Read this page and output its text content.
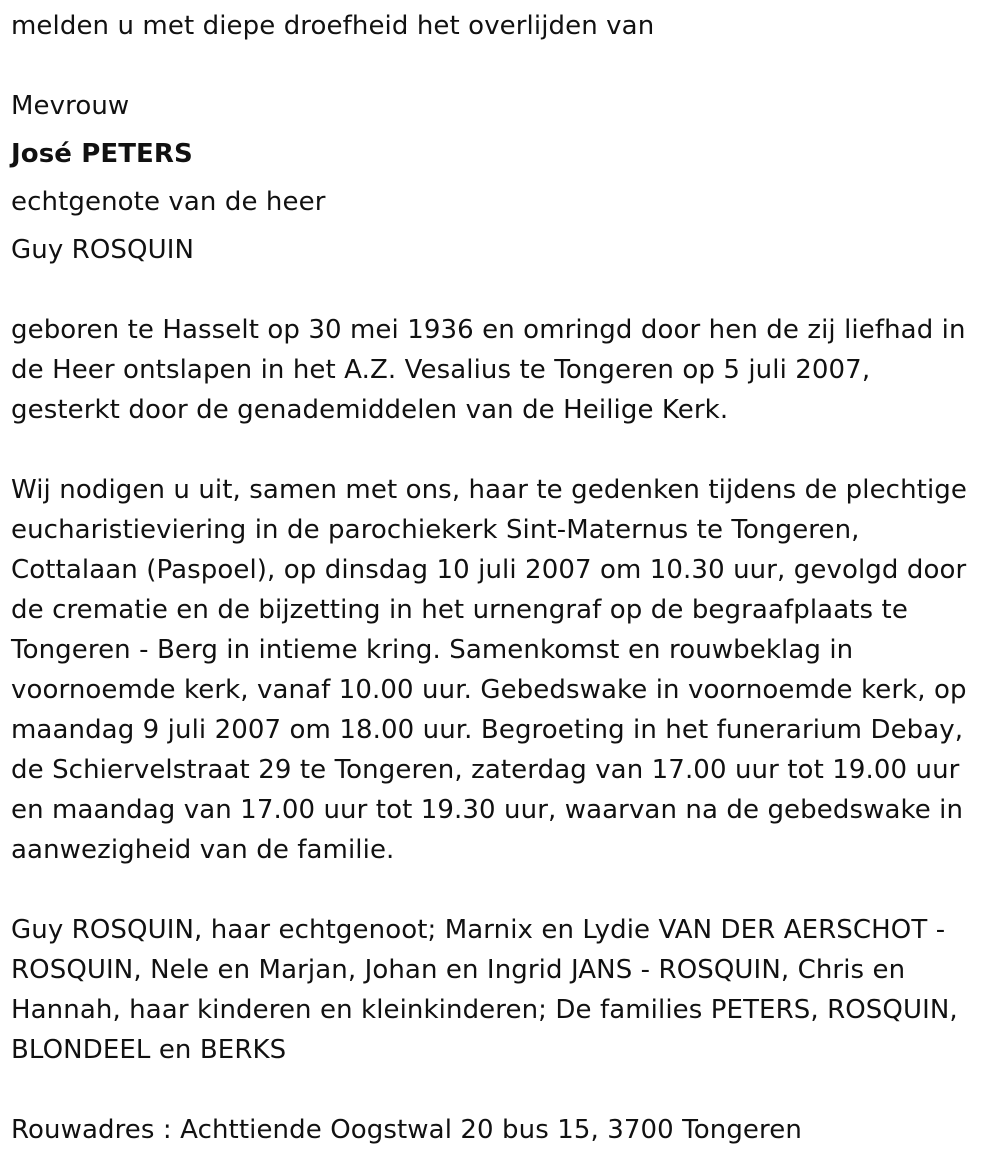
melden u met diepe droefheid het overlijden van
Mevrouw
José PETERS
echtgenote van de heer
Guy ROSQUIN
geboren te Hasselt op 30 mei 1936 en omringd door hen de zij liefhad in
de Heer ontslapen in het A.Z. Vesalius te Tongeren op 5 juli 2007,
gesterkt door de genademiddelen van de Heilige Kerk.
Wij nodigen u uit, samen met ons, haar te gedenken tijdens de plechtige
eucharistieviering in de parochiekerk Sint-Maternus te Tongeren,
Cottalaan (Paspoel), op dinsdag 10 juli 2007 om 10.30 uur, gevolgd door
de crematie en de bijzetting in het urnengraf op de begraafplaats te
Tongeren - Berg in intieme kring. Samenkomst en rouwbeklag in
voornoemde kerk, vanaf 10.00 uur. Gebedswake in voornoemde kerk, op
maandag 9 juli 2007 om 18.00 uur. Begroeting in het funerarium Debay,
de Schiervelstraat 29 te Tongeren, zaterdag van 17.00 uur tot 19.00 uur
en maandag van 17.00 uur tot 19.30 uur, waarvan na de gebedswake in
aanwezigheid van de familie.
Guy ROSQUIN, haar echtgenoot; Marnix en Lydie VAN DER AERSCHOT -
ROSQUIN, Nele en Marjan, Johan en Ingrid JANS - ROSQUIN, Chris en
Hannah, haar kinderen en kleinkinderen; De families PETERS, ROSQUIN,
BLONDEEL en BERKS
Rouwadres : Achttiende Oogstwal 20 bus 15, 3700 Tongeren
